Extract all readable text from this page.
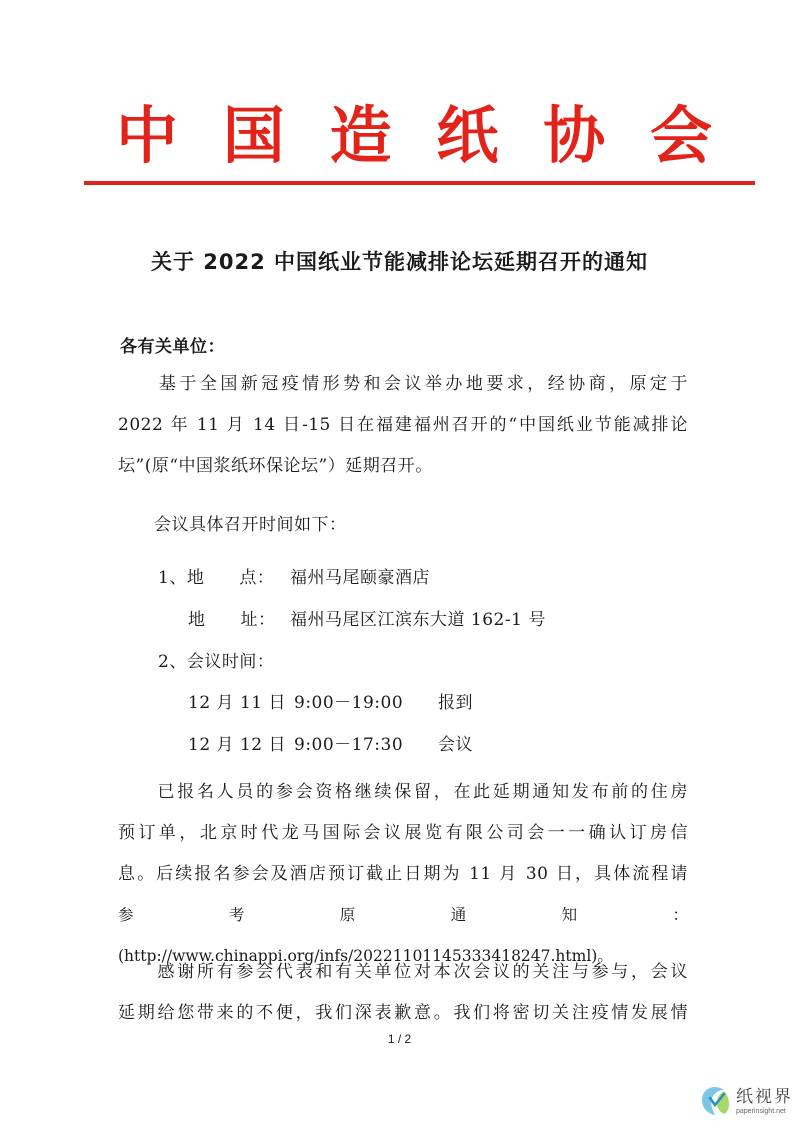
中 国 造 纸 协 会
关于 2022 中国纸业节能减排论坛延期召开的通知
各有关单位：
　　基于全国新冠疫情形势和会议举办地要求，经协商，原定于
2022 年 11 月 14 日-15 日在福建福州召开的“中国纸业节能减排论
坛”(原“中国浆纸环保论坛”）延期召开。
会议具体召开时间如下：
1、地　　点： 福州马尾颐豪酒店
地　　址： 福州马尾区江滨东大道 162-1 号
2、会议时间：
12 月 11 日 9:00－19:00 报到
12 月 12 日 9:00－17:30 会议
　　已报名人员的参会资格继续保留，在此延期通知发布前的住房
预订单，北京时代龙马国际会议展览有限公司会一一确认订房信
息。后续报名参会及酒店预订截止日期为 11 月 30 日，具体流程请
参考原通知：(http://www.chinappi.org/infs/20221101145333418247.html)。
　　感谢所有参会代表和有关单位对本次会议的关注与参与，会议
延期给您带来的不便，我们深表歉意。我们将密切关注疫情发展情
1 / 2
纸视界
paperinsight.net
